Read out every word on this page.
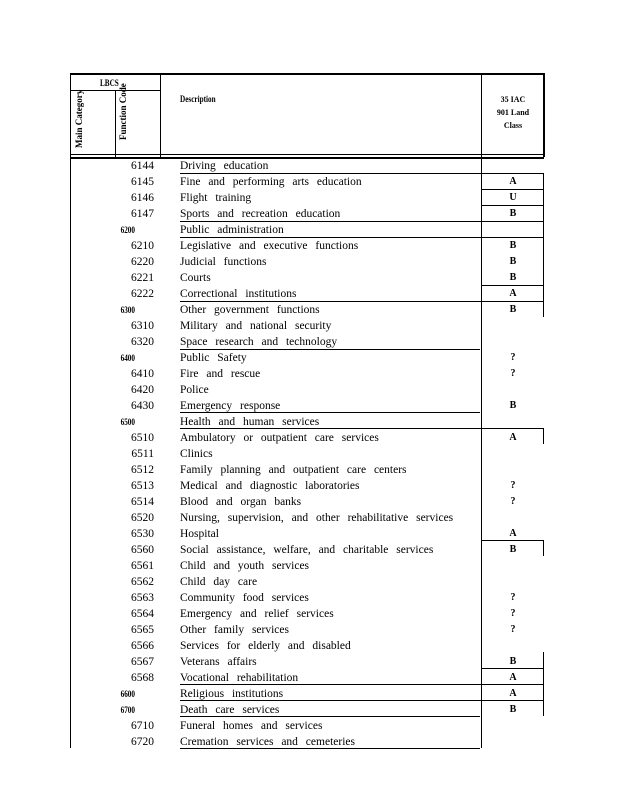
LBCS
Description
Main Category	Function Code	35 IAC
901 Land
Class
6144 Driving education
6145 Fine and performing arts education	A
6146 Flight training	U
6147 Sports and recreation education	B
6200	Public administration
6210 Legislative and executive functions	B
6220 Judicial functions	B
6221 Courts	B
6222 Correctional institutions	A
6300	Other government functions	B
6310 Military and national security
6320 Space research and technology
6400	Public Safety	?
6410 Fire and rescue	?
6420 Police
6430 Emergency response	B
6500	Health and human services
6510 Ambulatory or outpatient care services	A
6511 Clinics
6512 Family planning and outpatient care centers
6513 Medical and diagnostic laboratories	?
6514 Blood and organ banks	?
6520 Nursing, supervision, and other rehabilitative services
6530 Hospital	A
6560 Social assistance, welfare, and charitable services	B
6561 Child and youth services
6562 Child day care
6563 Community food services	?
6564 Emergency and relief services	?
6565 Other family services	?
6566 Services for elderly and disabled
6567 Veterans affairs	B
6568 Vocational rehabilitation	A
6600	Religious institutions	A
6700	Death care services	B
6710 Funeral homes and services
6720 Cremation services and cemeteries
